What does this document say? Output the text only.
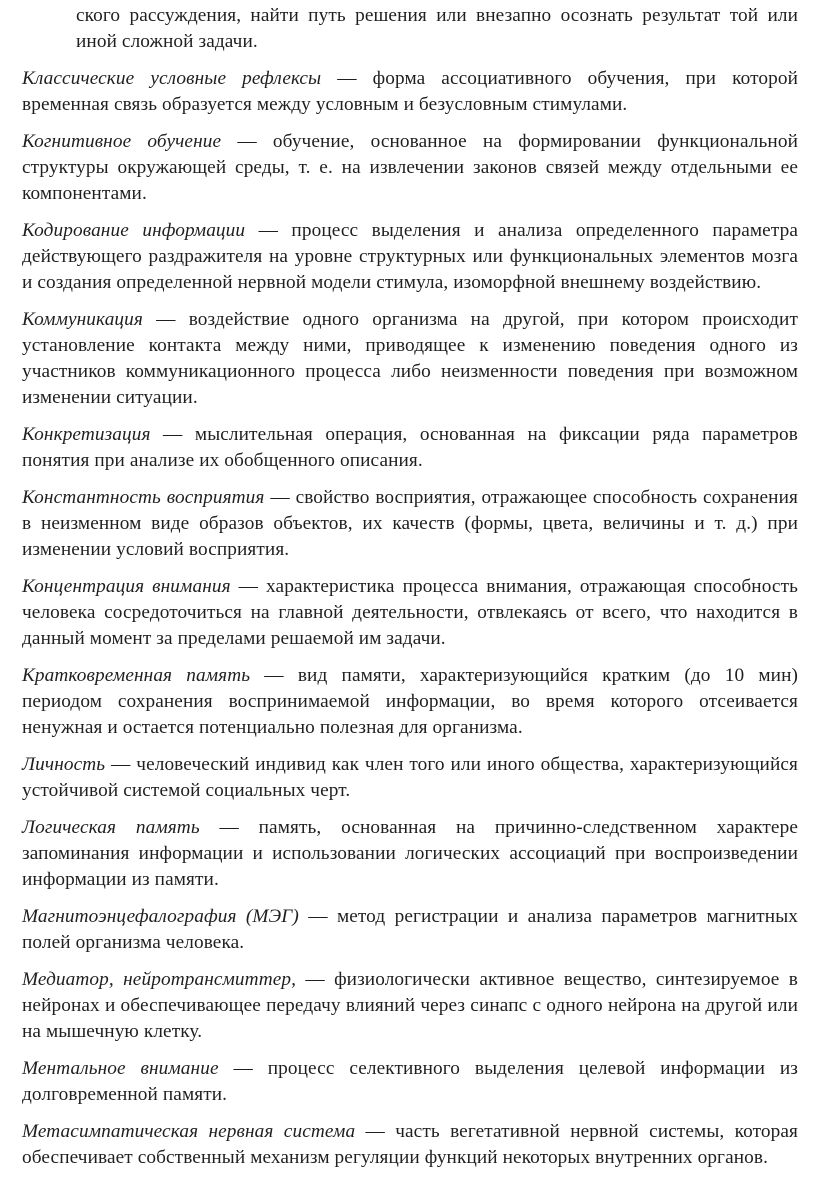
ского рассуждения, найти путь решения или внезапно осознать результат той или иной сложной задачи.

Классические условные рефлексы — форма ассоциативного обучения, при которой временная связь образуется между условным и безусловным стимулами.

Когнитивное обучение — обучение, основанное на формировании функциональной структуры окружающей среды, т. е. на извлечении законов связей между отдельными ее компонентами.

Кодирование информации — процесс выделения и анализа определенного параметра действующего раздражителя на уровне структурных или функциональных элементов мозга и создания определенной нервной модели стимула, изоморфной внешнему воздействию.

Коммуникация — воздействие одного организма на другой, при котором происходит установление контакта между ними, приводящее к изменению поведения одного из участников коммуникационного процесса либо неизменности поведения при возможном изменении ситуации.

Конкретизация — мыслительная операция, основанная на фиксации ряда параметров понятия при анализе их обобщенного описания.

Константность восприятия — свойство восприятия, отражающее способность сохранения в неизменном виде образов объектов, их качеств (формы, цвета, величины и т. д.) при изменении условий восприятия.

Концентрация внимания — характеристика процесса внимания, отражающая способность человека сосредоточиться на главной деятельности, отвлекаясь от всего, что находится в данный момент за пределами решаемой им задачи.

Кратковременная память — вид памяти, характеризующийся кратким (до 10 мин) периодом сохранения воспринимаемой информации, во время которого отсеивается ненужная и остается потенциально полезная для организма.

Личность — человеческий индивид как член того или иного общества, характеризующийся устойчивой системой социальных черт.

Логическая память — память, основанная на причинно-следственном характере запоминания информации и использовании логических ассоциаций при воспроизведении информации из памяти.

Магнитоэнцефалография (МЭГ) — метод регистрации и анализа параметров магнитных полей организма человека.

Медиатор, нейротрансмиттер, — физиологически активное вещество, синтезируемое в нейронах и обеспечивающее передачу влияний через синапс с одного нейрона на другой или на мышечную клетку.

Ментальное внимание — процесс селективного выделения целевой информации из долговременной памяти.

Метасимпатическая нервная система — часть вегетативной нервной системы, которая обеспечивает собственный механизм регуляции функций некоторых внутренних органов.
